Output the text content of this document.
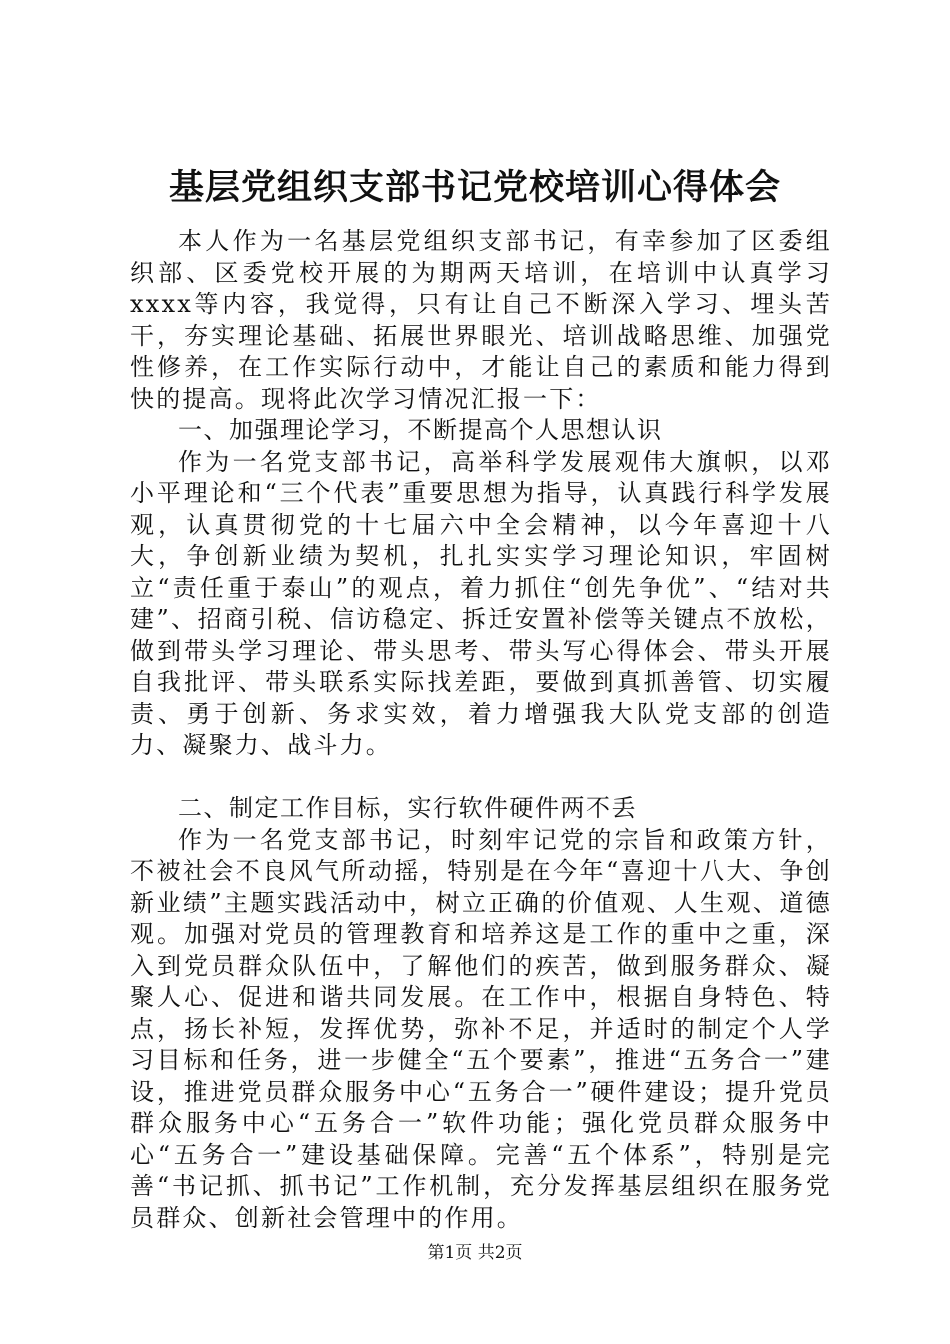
基层党组织支部书记党校培训心得体会

本人作为一名基层党组织支部书记，有幸参加了区委组织部、区委党校开展的为期两天培训，在培训中认真学习xxxx等内容，我觉得，只有让自己不断深入学习、埋头苦干，夯实理论基础、拓展世界眼光、培训战略思维、加强党性修养，在工作实际行动中，才能让自己的素质和能力得到快的提高。现将此次学习情况汇报一下：

一、加强理论学习，不断提高个人思想认识

作为一名党支部书记，高举科学发展观伟大旗帜，以邓小平理论和“三个代表”重要思想为指导，认真践行科学发展观，认真贯彻党的十七届六中全会精神，以今年喜迎十八大，争创新业绩为契机，扎扎实实学习理论知识，牢固树立“责任重于泰山”的观点，着力抓住“创先争优”、“结对共建”、招商引税、信访稳定、拆迁安置补偿等关键点不放松，做到带头学习理论、带头思考、带头写心得体会、带头开展自我批评、带头联系实际找差距，要做到真抓善管、切实履责、勇于创新、务求实效，着力增强我大队党支部的创造力、凝聚力、战斗力。

二、制定工作目标，实行软件硬件两不丢

作为一名党支部书记，时刻牢记党的宗旨和政策方针，不被社会不良风气所动摇，特别是在今年“喜迎十八大、争创新业绩”主题实践活动中，树立正确的价值观、人生观、道德观。加强对党员的管理教育和培养这是工作的重中之重，深入到党员群众队伍中，了解他们的疾苦，做到服务群众、凝聚人心、促进和谐共同发展。在工作中，根据自身特色、特点，扬长补短，发挥优势，弥补不足，并适时的制定个人学习目标和任务，进一步健全“五个要素”，推进“五务合一”建设，推进党员群众服务中心“五务合一”硬件建设；提升党员群众服务中心“五务合一”软件功能；强化党员群众服务中心“五务合一”建设基础保障。完善“五个体系”，特别是完善“书记抓、抓书记”工作机制，充分发挥基层组织在服务党员群众、创新社会管理中的作用。

第1页 共2页
